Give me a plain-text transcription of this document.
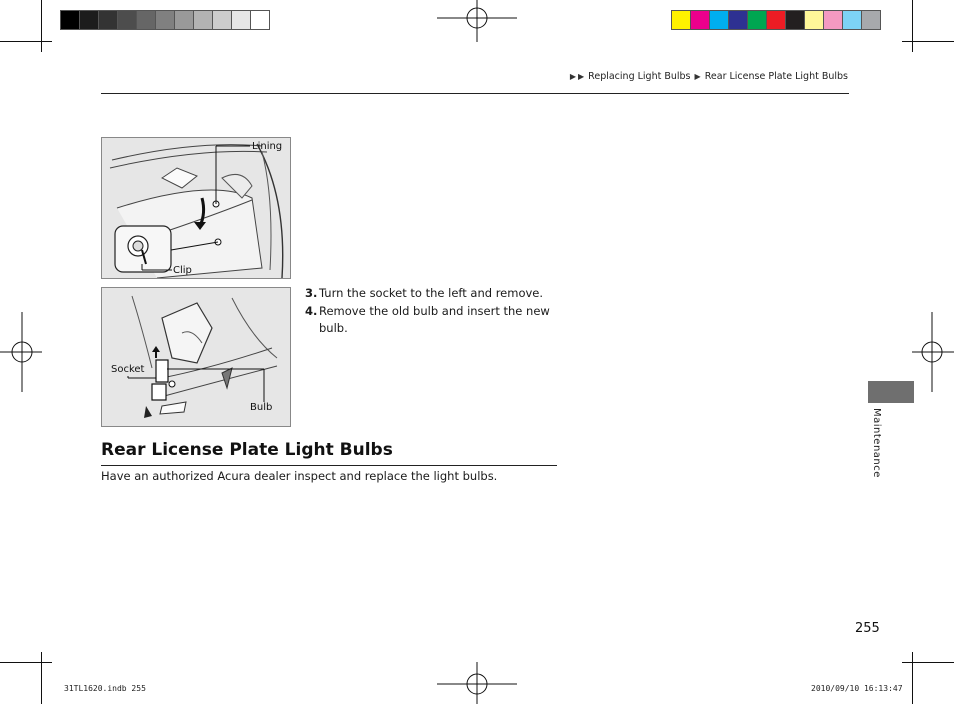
▶ ▶ Replacing Light Bulbs ▶ Rear License Plate Light Bulbs
Lining
Clip
Socket
Bulb
3. Turn the socket to the left and remove.
4. Remove the old bulb and insert the new bulb.
Rear License Plate Light Bulbs
Have an authorized Acura dealer inspect and replace the light bulbs.	Maintenance
255
31TL1620.indb 255	2010/09/10 16:13:47
